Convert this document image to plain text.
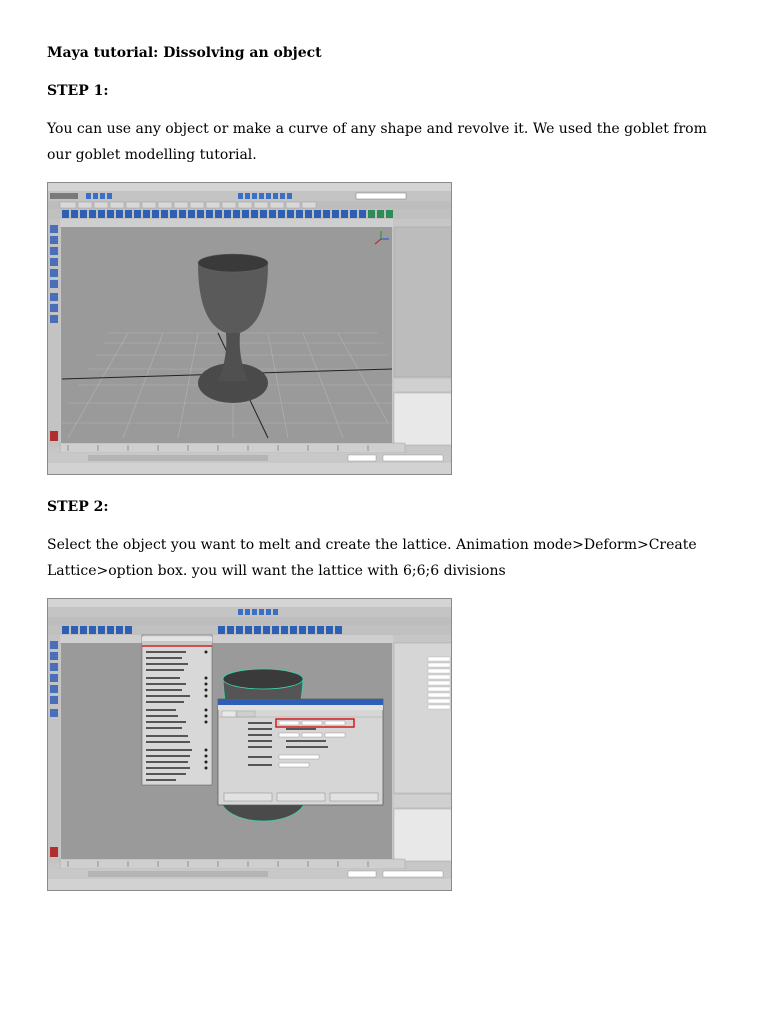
Maya tutorial: Dissolving an object
STEP 1:
You can use any object or make a curve of any shape and revolve it. We used the goblet from our goblet modelling tutorial.
STEP 2:
Select the object you want to melt and create the lattice. Animation mode>Deform>Create Lattice>option box. you will want the lattice with 6;6;6 divisions
